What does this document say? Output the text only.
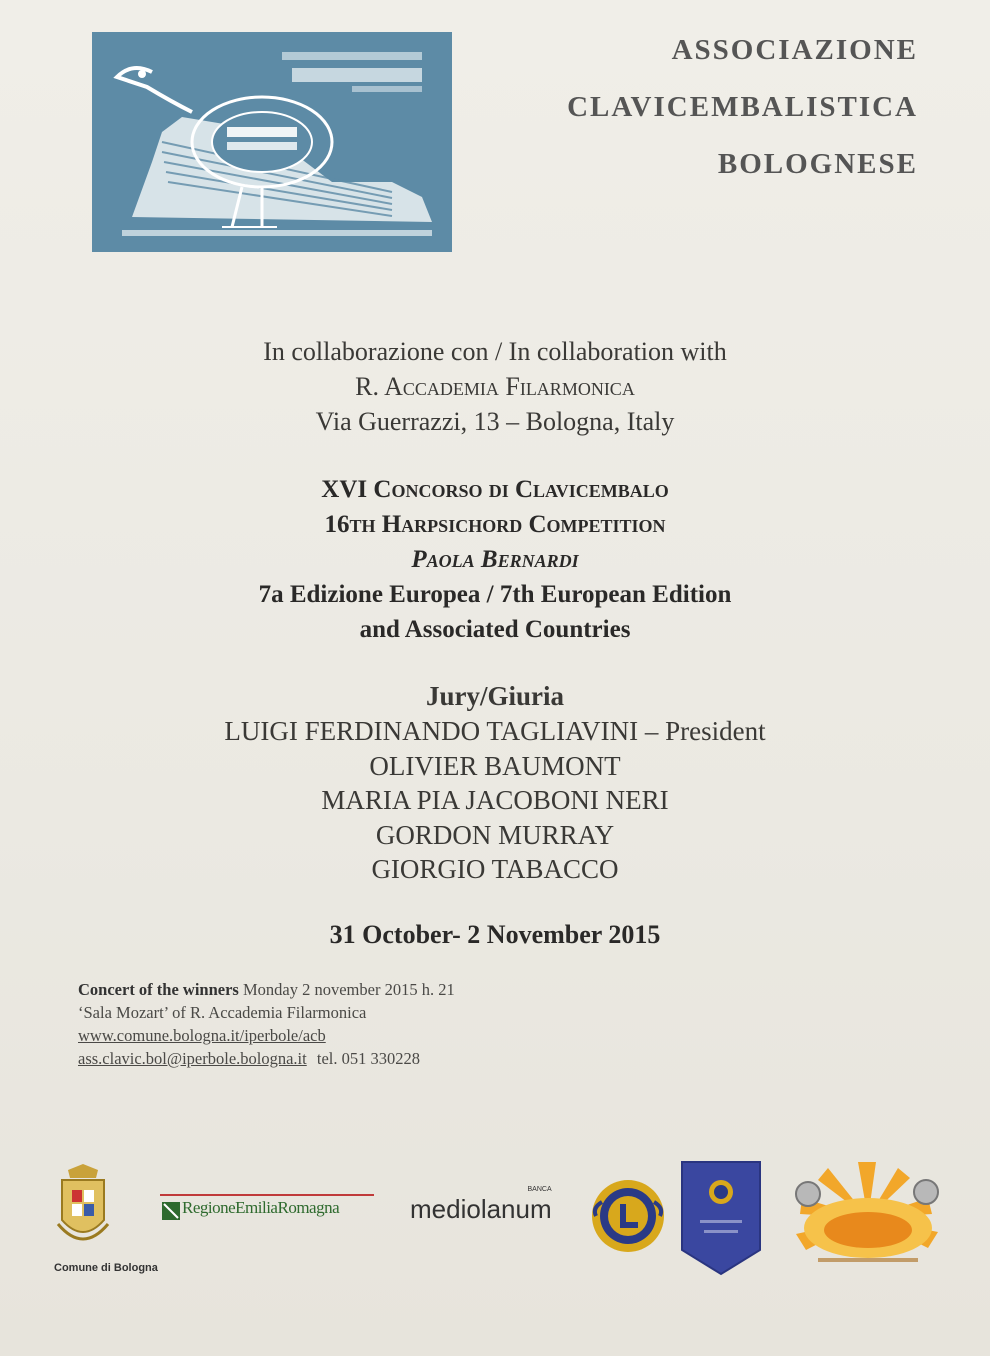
ASSOCIAZIONE
CLAVICEMBALISTICA
BOLOGNESE
In collaborazione con / In collaboration with
R. Accademia Filarmonica
Via Guerrazzi, 13 – Bologna, Italy
XVI Concorso di Clavicembalo
16th Harpsichord Competition
Paola Bernardi
7a Edizione Europea / 7th European Edition
and Associated Countries
Jury/Giuria
LUIGI FERDINANDO TAGLIAVINI – President
OLIVIER BAUMONT
MARIA PIA JACOBONI NERI
GORDON MURRAY
GIORGIO TABACCO
31 October- 2 November 2015
Concert of the winners Monday 2 november 2015 h. 21
‘Sala Mozart’ of R. Accademia Filarmonica
www.comune.bologna.it/iperbole/acb
ass.clavic.bol@iperbole.bologna.it tel. 051 330228
Comune di Bologna
RegioneEmiliaRomagna	mediolanum
BANCA
